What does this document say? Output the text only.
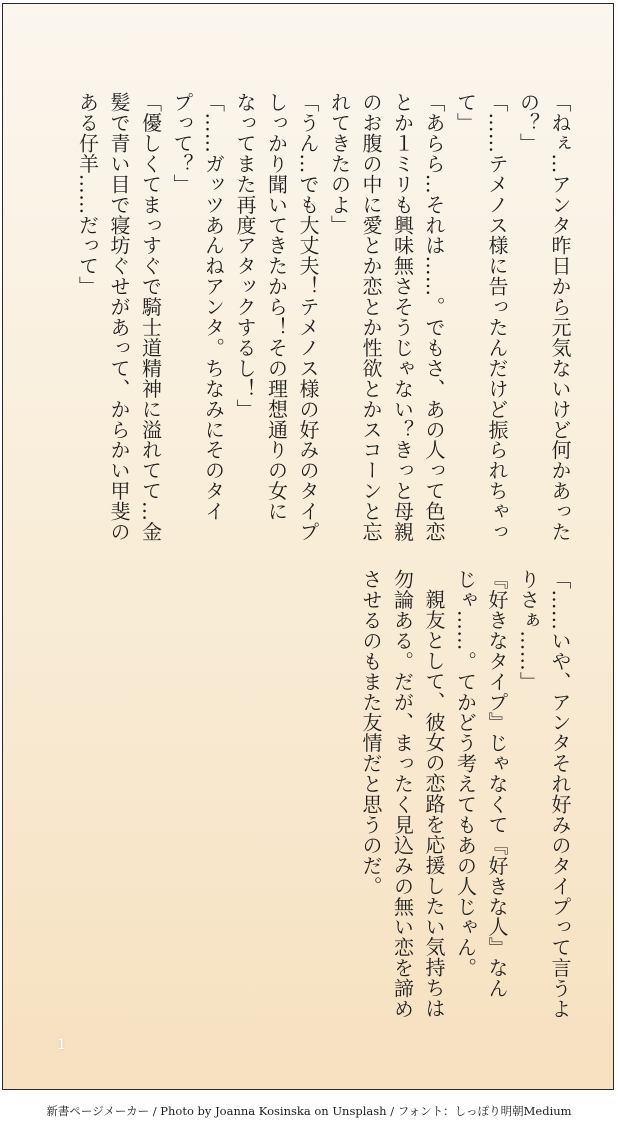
「ねぇ…アンタ昨日から元気ないけど何かあった
の？」
「……テメノス様に告ったんだけど振られちゃっ
て」
「あらら…それは……。でもさ、あの人って色恋
とか１ミリも興味無さそうじゃない？きっと母親
のお腹の中に愛とか恋とか性欲とかスコーンと忘
れてきたのよ」
「うん…でも大丈夫！テメノス様の好みのタイプ
しっかり聞いてきたから！その理想通りの女に
なってまた再度アタックするし！」
「……ガッツあんねアンタ。ちなみにそのタイ
プって？」
「優しくてまっすぐで騎士道精神に溢れてて…金
髪で青い目で寝坊ぐせがあって、からかい甲斐の
ある仔羊……だって」
「……いや、アンタそれ好みのタイプって言うよ
りさぁ……」
『好きなタイプ』じゃなくて『好きな人』なん
じゃ……。てかどう考えてもあの人じゃん。
親友として、彼女の恋路を応援したい気持ちは
勿論ある。だが、まったく見込みの無い恋を諦め
させるのもまた友情だと思うのだ。
1
新書ページメーカー / Photo by Joanna Kosinska on Unsplash / フォント：しっぽり明朝Medium
